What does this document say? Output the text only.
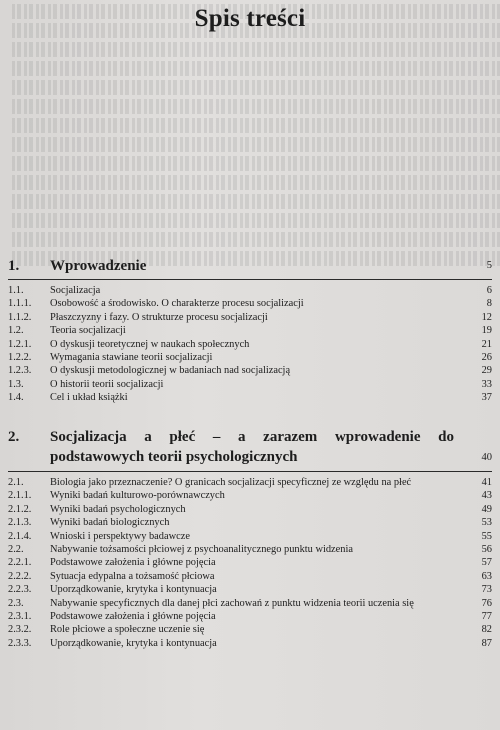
Spis treści
1.	Wprowadzenie	5
1.1.	Socjalizacja	6
1.1.1.	Osobowość a środowisko. O charakterze procesu socjalizacji	8
1.1.2.	Płaszczyzny i fazy. O strukturze procesu socjalizacji	12
1.2.	Teoria socjalizacji	19
1.2.1.	O dyskusji teoretycznej w naukach społecznych	21
1.2.2.	Wymagania stawiane teorii socjalizacji	26
1.2.3.	O dyskusji metodologicznej w badaniach nad socjalizacją	29
1.3.	O historii teorii socjalizacji	33
1.4.	Cel i układ książki	37
2.	Socjalizacja a płeć – a zarazem wprowadenie do podstawowych teorii psychologicznych	40
2.1.	Biologia jako przeznaczenie? O granicach socjalizacji specyficznej ze względu na płeć	41
2.1.1.	Wyniki badań kulturowo-porównawczych	43
2.1.2.	Wyniki badań psychologicznych	49
2.1.3.	Wyniki badań biologicznych	53
2.1.4.	Wnioski i perspektywy badawcze	55
2.2.	Nabywanie tożsamości płciowej z psychoanalitycznego punktu widzenia	56
2.2.1.	Podstawowe założenia i główne pojęcia	57
2.2.2.	Sytuacja edypalna a tożsamość płciowa	63
2.2.3.	Uporządkowanie, krytyka i kontynuacja	73
2.3.	Nabywanie specyficznych dla danej płci zachowań z punktu widzenia teorii uczenia się	76
2.3.1.	Podstawowe założenia i główne pojęcia	77
2.3.2.	Role płciowe a społeczne uczenie się	82
2.3.3.	Uporządkowanie, krytyka i kontynuacja	87
